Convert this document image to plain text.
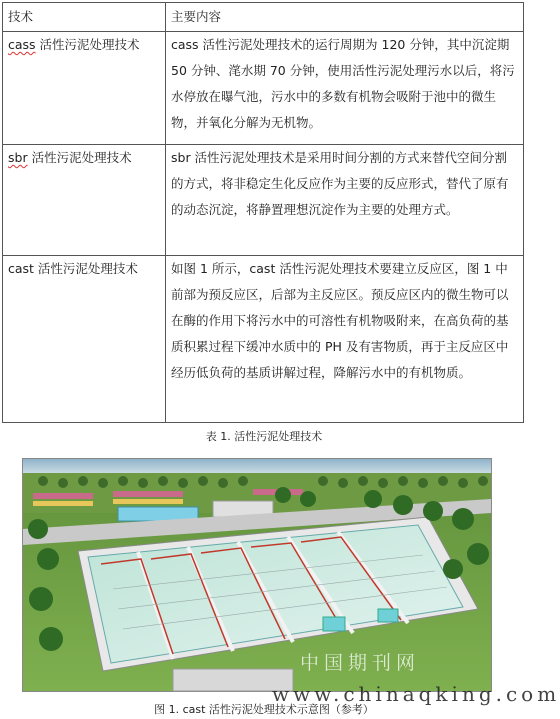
技术	主要内容
cass 活性污泥处理技术	cass 活性污泥处理技术的运行周期为 120 分钟，其中沉淀期 50 分钟、滗水期 70 分钟，使用活性污泥处理污水以后，将污水停放在曝气池，污水中的多数有机物会吸附于池中的微生物，并氧化分解为无机物。
sbr 活性污泥处理技术	sbr 活性污泥处理技术是采用时间分割的方式来替代空间分割的方式，将非稳定生化反应作为主要的反应形式，替代了原有的动态沉淀，将静置理想沉淀作为主要的处理方式。
cast 活性污泥处理技术	如图 1 所示，cast 活性污泥处理技术要建立反应区，图 1 中前部为预反应区，后部为主反应区。预反应区内的微生物可以在酶的作用下将污水中的可溶性有机物吸附来，在高负荷的基质积累过程下缓冲水质中的 PH 及有害物质，再于主反应区中经历低负荷的基质讲解过程，降解污水中的有机物质。
表 1. 活性污泥处理技术
中国期刊网
www.chinaqking.com
图 1. cast 活性污泥处理技术示意图（参考）
